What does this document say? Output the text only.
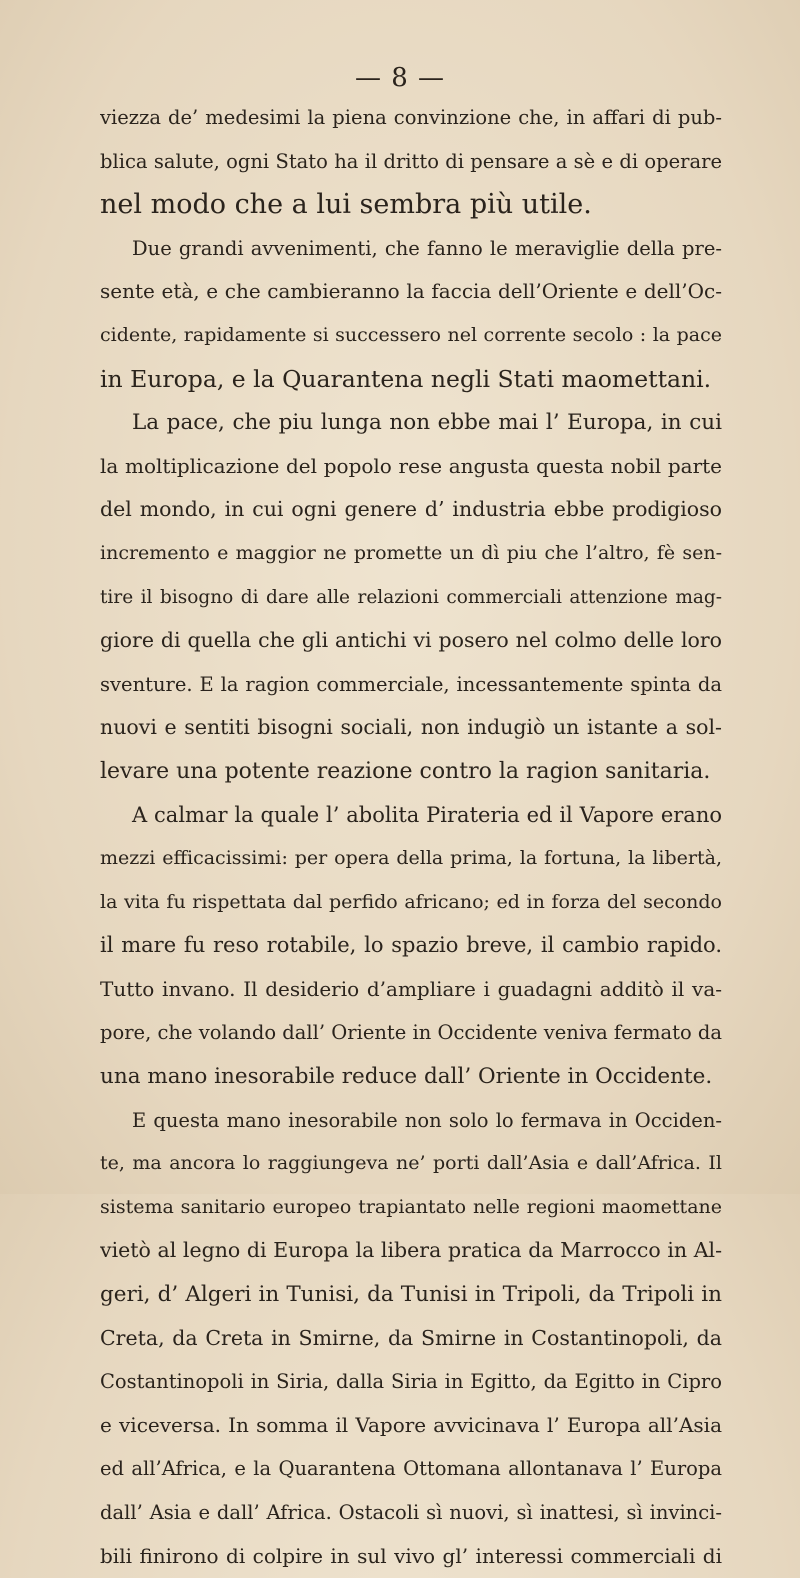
— 8 —
viezza de’ medesimi la piena convinzione che, in affari di pub-
blica salute, ogni Stato ha il dritto di pensare a sè e di operare
nel modo che a lui sembra più utile.
Due grandi avvenimenti, che fanno le meraviglie della pre-
sente età, e che cambieranno la faccia dell’Oriente e dell’Oc-
cidente, rapidamente si successero nel corrente secolo : la pace
in Europa, e la Quarantena negli Stati maomettani.
La pace, che piu lunga non ebbe mai l’ Europa, in cui
la moltiplicazione del popolo rese angusta questa nobil parte
del mondo, in cui ogni genere d’ industria ebbe prodigioso
incremento e maggior ne promette un dì piu che l’altro, fè sen-
tire il bisogno di dare alle relazioni commerciali attenzione mag-
giore di quella che gli antichi vi posero nel colmo delle loro
sventure. E la ragion commerciale, incessantemente spinta da
nuovi e sentiti bisogni sociali, non indugiò un istante a sol-
levare una potente reazione contro la ragion sanitaria.
A calmar la quale l’ abolita Pirateria ed il Vapore erano
mezzi efficacissimi: per opera della prima, la fortuna, la libertà,
la vita fu rispettata dal perfido africano; ed in forza del secondo
il mare fu reso rotabile, lo spazio breve, il cambio rapido.
Tutto invano. Il desiderio d’ampliare i guadagni additò il va-
pore, che volando dall’ Oriente in Occidente veniva fermato da
una mano inesorabile reduce dall’ Oriente in Occidente.
E questa mano inesorabile non solo lo fermava in Occiden-
te, ma ancora lo raggiungeva ne’ porti dall’Asia e dall’Africa. Il
sistema sanitario europeo trapiantato nelle regioni maomettane
vietò al legno di Europa la libera pratica da Marrocco in Al-
geri, d’ Algeri in Tunisi, da Tunisi in Tripoli, da Tripoli in
Creta, da Creta in Smirne, da Smirne in Costantinopoli, da
Costantinopoli in Siria, dalla Siria in Egitto, da Egitto in Cipro
e viceversa. In somma il Vapore avvicinava l’ Europa all’Asia
ed all’Africa, e la Quarantena Ottomana allontanava l’ Europa
dall’ Asia e dall’ Africa. Ostacoli sì nuovi, sì inattesi, sì invinci-
bili finirono di colpire in sul vivo gl’ interessi commerciali di
